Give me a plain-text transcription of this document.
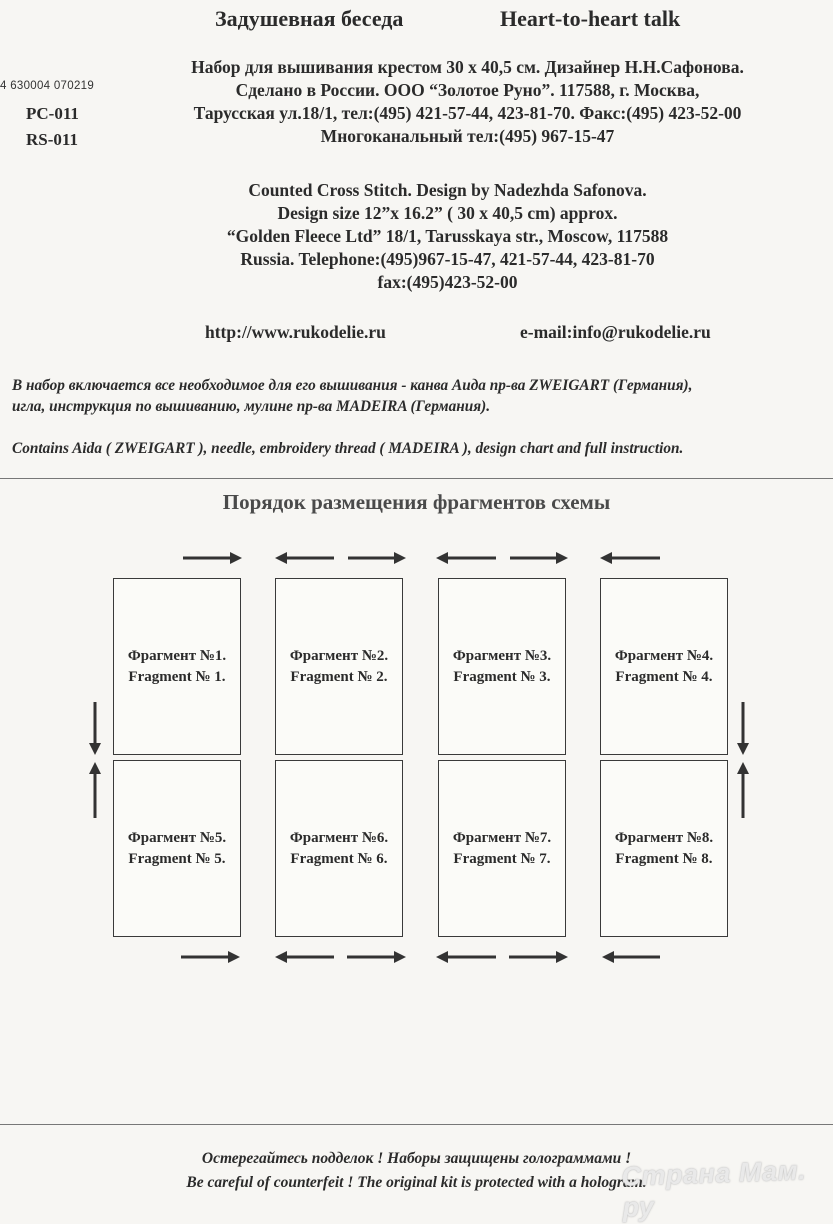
Задушевная беседа	Heart-to-heart talk
4 630004 070219
PC-011
RS-011
Набор для вышивания крестом 30 х 40,5 см. Дизайнер Н.Н.Сафонова.
Сделано в России. ООО “Золотое Руно”. 117588, г. Москва,
Тарусская ул.18/1, тел:(495) 421-57-44, 423-81-70. Факс:(495) 423-52-00
Многоканальный тел:(495) 967-15-47
Counted Cross Stitch. Design by Nadezhda Safonova.
Design size 12”x 16.2” ( 30 x 40,5 cm) approx.
“Golden Fleece Ltd” 18/1, Tarusskaya str., Moscow, 117588
Russia. Telephone:(495)967-15-47, 421-57-44, 423-81-70
fax:(495)423-52-00
http://www.rukodelie.ru	e-mail:info@rukodelie.ru
В набор включается все необходимое для его вышивания - канва Аида пр-ва ZWEIGART (Германия),
игла, инструкция по вышиванию, мулине пр-ва MADEIRA (Германия).
Contains Aida ( ZWEIGART ), needle, embroidery thread ( MADEIRA ), design chart and full instruction.
Порядок размещения фрагментов схемы
Фрагмент №1.
Fragment № 1.
Фрагмент №2.
Fragment № 2.
Фрагмент №3.
Fragment № 3.
Фрагмент №4.
Fragment № 4.
Фрагмент №5.
Fragment № 5.
Фрагмент №6.
Fragment № 6.
Фрагмент №7.
Fragment № 7.
Фрагмент №8.
Fragment № 8.
Остерегайтесь подделок ! Наборы защищены голограммами !
Be careful of counterfeit ! The original kit is protected with a hologram.
Страна Мам. ру
